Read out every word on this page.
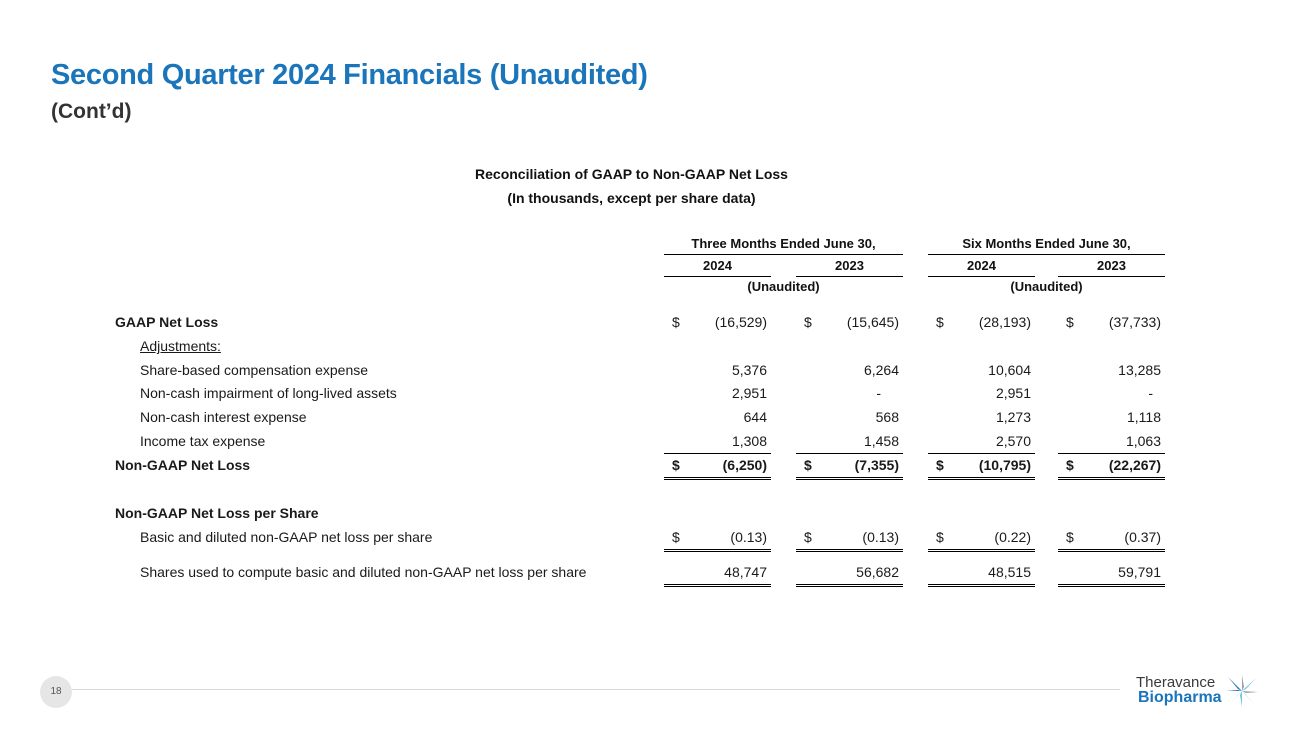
Second Quarter 2024 Financials (Unaudited)
(Cont’d)
Reconciliation of GAAP to Non-GAAP Net Loss
(In thousands, except per share data)
Three Months Ended June 30,	Six Months Ended June 30,
2024	2023	2024	2023
(Unaudited)	(Unaudited)
GAAP Net Loss	$	(16,529)	$	(15,645)	$	(28,193)	$	(37,733)
Adjustments:
Share-based compensation expense	5,376	6,264	10,604	13,285
Non-cash impairment of long-lived assets	2,951	-	2,951	-
Non-cash interest expense	644	568	1,273	1,118
Income tax expense	1,308	1,458	2,570	1,063
Non-GAAP Net Loss	$	(6,250)	$	(7,355)	$	(10,795)	$	(22,267)
Non-GAAP Net Loss per Share
Basic and diluted non-GAAP net loss per share	$	(0.13)	$	(0.13)	$	(0.22)	$	(0.37)
Shares used to compute basic and diluted non-GAAP net loss per share	48,747	56,682	48,515	59,791
18
Theravance
Biopharma
